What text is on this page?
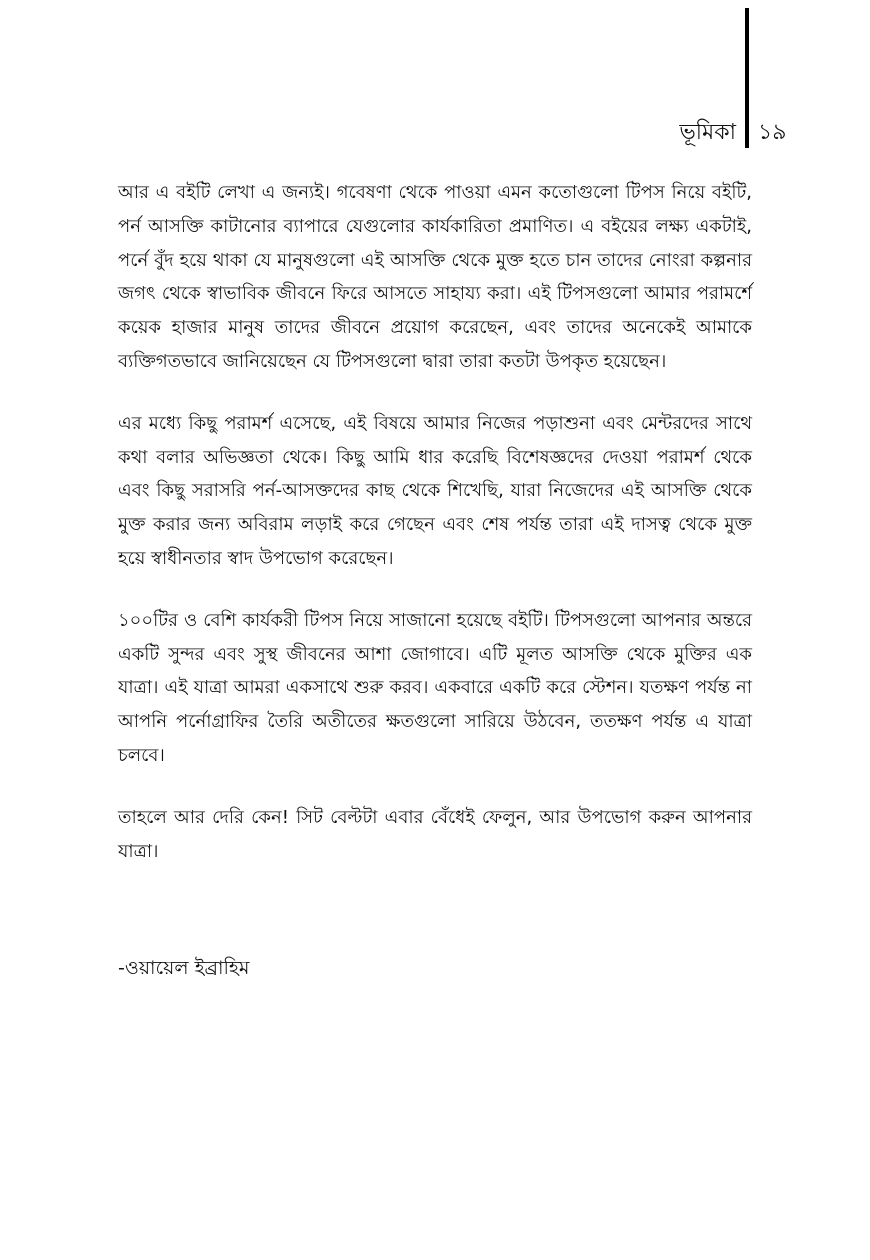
ভূমিকা ১৯

আর এ বইটি লেখা এ জন্যই। গবেষণা থেকে পাওয়া এমন কতোগুলো টিপস নিয়ে বইটি, পর্ন আসক্তি কাটানোর ব্যাপারে যেগুলোর কার্যকারিতা প্রমাণিত। এ বইয়ের লক্ষ্য একটাই, পর্নে বুঁদ হয়ে থাকা যে মানুষগুলো এই আসক্তি থেকে মুক্ত হতে চান তাদের নোংরা কল্পনার জগৎ থেকে স্বাভাবিক জীবনে ফিরে আসতে সাহায্য করা। এই টিপসগুলো আমার পরামর্শে কয়েক হাজার মানুষ তাদের জীবনে প্রয়োগ করেছেন, এবং তাদের অনেকেই আমাকে ব্যক্তিগতভাবে জানিয়েছেন যে টিপসগুলো দ্বারা তারা কতটা উপকৃত হয়েছেন।

এর মধ্যে কিছু পরামর্শ এসেছে, এই বিষয়ে আমার নিজের পড়াশুনা এবং মেন্টরদের সাথে কথা বলার অভিজ্ঞতা থেকে। কিছু আমি ধার করেছি বিশেষজ্ঞদের দেওয়া পরামর্শ থেকে এবং কিছু সরাসরি পর্ন-আসক্তদের কাছ থেকে শিখেছি, যারা নিজেদের এই আসক্তি থেকে মুক্ত করার জন্য অবিরাম লড়াই করে গেছেন এবং শেষ পর্যন্ত তারা এই দাসত্ব থেকে মুক্ত হয়ে স্বাধীনতার স্বাদ উপভোগ করেছেন।

১০০টির ও বেশি কার্যকরী টিপস নিয়ে সাজানো হয়েছে বইটি। টিপসগুলো আপনার অন্তরে একটি সুন্দর এবং সুস্থ জীবনের আশা জোগাবে। এটি মূলত আসক্তি থেকে মুক্তির এক যাত্রা। এই যাত্রা আমরা একসাথে শুরু করব। একবারে একটি করে স্টেশন। যতক্ষণ পর্যন্ত না আপনি পর্নোগ্রাফির তৈরি অতীতের ক্ষতগুলো সারিয়ে উঠবেন, ততক্ষণ পর্যন্ত এ যাত্রা চলবে।

তাহলে আর দেরি কেন! সিট বেল্টটা এবার বেঁধেই ফেলুন, আর উপভোগ করুন আপনার যাত্রা।

-ওয়ায়েল ইব্রাহিম
